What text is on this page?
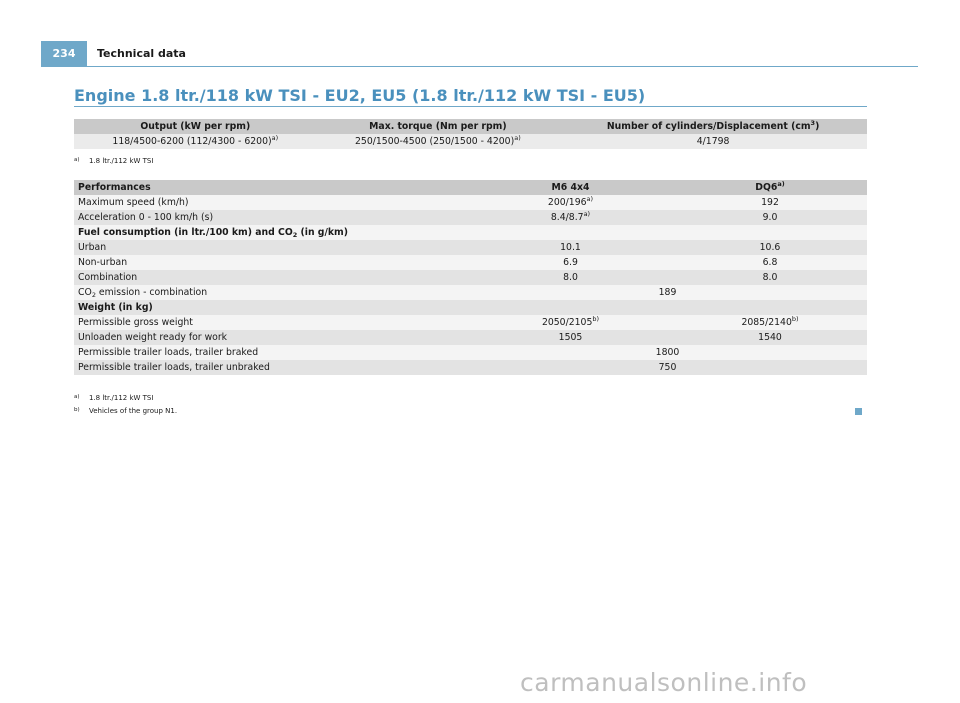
234	Technical data
Engine 1.8 ltr./118 kW TSI - EU2, EU5 (1.8 ltr./112 kW TSI - EU5)
Output (kW per rpm)	Max. torque (Nm per rpm)	Number of cylinders/Displacement $(cm^3)$
118/4500-6200 (112/4300 - 6200)$^{a)}$	250/1500-4500 (250/1500 - 4200)$^{a)}$	4/1798
a) 1.8 ltr./112 kW TSI
Performances	M6 4x4	DQ6$^{a)}$
Maximum speed (km/h)	200/196$^{a)}$	192
Acceleration 0 - 100 km/h (s)	8.4/8.7$^{a)}$	9.0
Fuel consumption (in ltr./100 km) and $CO_2$ (in g/km)		
Urban	10.1	10.6
Non-urban	6.9	6.8
Combination	8.0	8.0
$CO_2$ emission - combination	189	
Weight (in kg)		
Permissible gross weight	2050/2105$^{b)}$	2085/2140$^{b)}$
Unloaden weight ready for work	1505	1540
Permissible trailer loads, trailer braked	1800	
Permissible trailer loads, trailer unbraked	750	
a) 1.8 ltr./112 kW TSI
b) Vehicles of the group N1.
carmanualsonline.info
